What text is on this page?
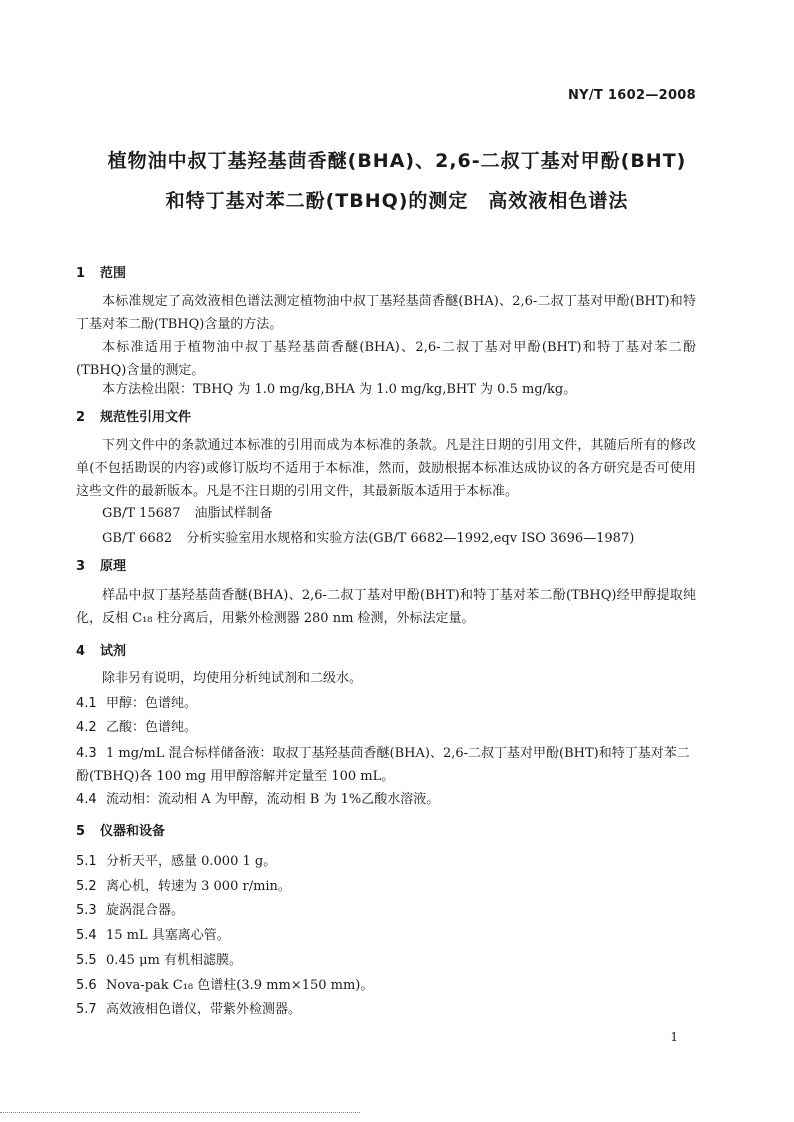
NY/T 1602—2008
植物油中叔丁基羟基茴香醚(BHA)、2,6-二叔丁基对甲酚(BHT)
和特丁基对苯二酚(TBHQ)的测定　高效液相色谱法
1 范围
本标准规定了高效液相色谱法测定植物油中叔丁基羟基茴香醚(BHA)、2,6-二叔丁基对甲酚(BHT)和特丁基对苯二酚(TBHQ)含量的方法。
本标准适用于植物油中叔丁基羟基茴香醚(BHA)、2,6-二叔丁基对甲酚(BHT)和特丁基对苯二酚(TBHQ)含量的测定。
本方法检出限：TBHQ 为 1.0 mg/kg,BHA 为 1.0 mg/kg,BHT 为 0.5 mg/kg。
2 规范性引用文件
下列文件中的条款通过本标准的引用而成为本标准的条款。凡是注日期的引用文件，其随后所有的修改单(不包括勘误的内容)或修订版均不适用于本标准，然而，鼓励根据本标准达成协议的各方研究是否可使用这些文件的最新版本。凡是不注日期的引用文件，其最新版本适用于本标准。
GB/T 15687 油脂试样制备
GB/T 6682 分析实验室用水规格和实验方法(GB/T 6682—1992,eqv ISO 3696—1987)
3 原理
样品中叔丁基羟基茴香醚(BHA)、2,6-二叔丁基对甲酚(BHT)和特丁基对苯二酚(TBHQ)经甲醇提取纯化，反相 C₁₈ 柱分离后，用紫外检测器 280 nm 检测，外标法定量。
4 试剂
除非另有说明，均使用分析纯试剂和二级水。
4.1 甲醇：色谱纯。
4.2 乙酸：色谱纯。
4.3 1 mg/mL 混合标样储备液：取叔丁基羟基茴香醚(BHA)、2,6-二叔丁基对甲酚(BHT)和特丁基对苯二酚(TBHQ)各 100 mg 用甲醇溶解并定量至 100 mL。
4.4 流动相：流动相 A 为甲醇，流动相 B 为 1%乙酸水溶液。
5 仪器和设备
5.1 分析天平，感量 0.000 1 g。
5.2 离心机，转速为 3 000 r/min。
5.3 旋涡混合器。
5.4 15 mL 具塞离心管。
5.5 0.45 μm 有机相滤膜。
5.6 Nova-pak C₁₈ 色谱柱(3.9 mm×150 mm)。
5.7 高效液相色谱仪，带紫外检测器。
1
